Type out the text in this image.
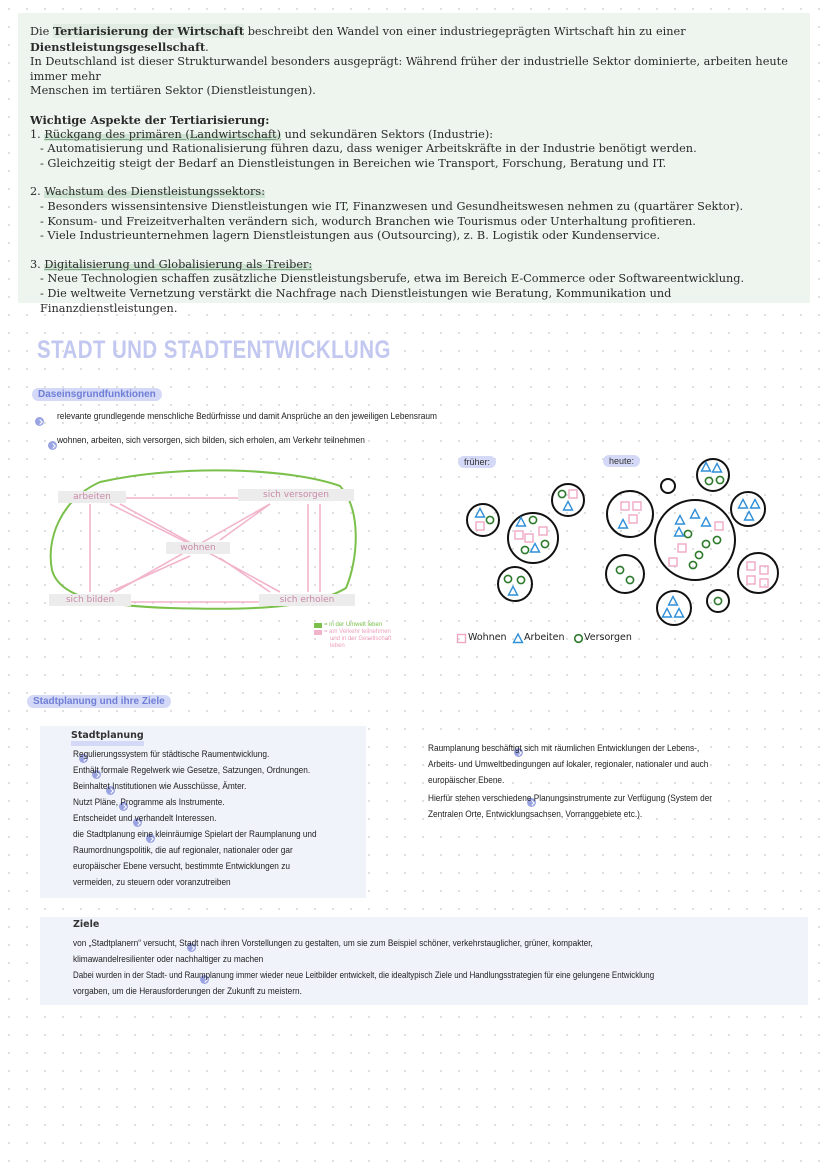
Die Tertiarisierung der Wirtschaft beschreibt den Wandel von einer industriegeprägten Wirtschaft hin zu einer Dienstleistungsgesellschaft.

In Deutschland ist dieser Strukturwandel besonders ausgeprägt: Während früher der industrielle Sektor dominierte, arbeiten heute immer mehr

Menschen im tertiären Sektor (Dienstleistungen).

Wichtige Aspekte der Tertiarisierung:

1. Rückgang des primären (Landwirtschaft) und sekundären Sektors (Industrie):

- Automatisierung und Rationalisierung führen dazu, dass weniger Arbeitskräfte in der Industrie benötigt werden.

- Gleichzeitig steigt der Bedarf an Dienstleistungen in Bereichen wie Transport, Forschung, Beratung und IT.

2. Wachstum des Dienstleistungssektors:

- Besonders wissensintensive Dienstleistungen wie IT, Finanzwesen und Gesundheitswesen nehmen zu (quartärer Sektor).

- Konsum- und Freizeitverhalten verändern sich, wodurch Branchen wie Tourismus oder Unterhaltung profitieren.

- Viele Industrieunternehmen lagern Dienstleistungen aus (Outsourcing), z. B. Logistik oder Kundenservice.

3. Digitalisierung und Globalisierung als Treiber:

- Neue Technologien schaffen zusätzliche Dienstleistungsberufe, etwa im Bereich E-Commerce oder Softwareentwicklung.

- Die weltweite Vernetzung verstärkt die Nachfrage nach Dienstleistungen wie Beratung, Kommunikation und Finanzdienstleistungen.

STADT UND STADTENTWICKLUNG
Daseinsgrundfunktionen

relevante grundlegende menschliche Bedürfnisse und damit Ansprüche an den jeweiligen Lebensraum

wohnen, arbeiten, sich versorgen, sich bilden, sich erholen, am Verkehr teilnehmen
arbeiten	sich versorgen
wohnen
sich bilden	sich erholen
= in der Umwelt leben
= am Verkehr teilnehmen
und in der Gesellschaft
leben
früher:	heute:
Wohnen Arbeiten Versorgen
Stadtplanung und ihre Ziele
Stadtplanung

Regulierungssystem für städtische Raumentwicklung.

Enthält formale Regelwerk wie Gesetze, Satzungen, Ordnungen.

Beinhaltet Institutionen wie Ausschüsse, Ämter.

Nutzt Pläne, Programme als Instrumente.

Entscheidet und verhandelt Interessen.

die Stadtplanung eine kleinräumige Spielart der Raumplanung und
Raumordnungspolitik, die auf regionaler, nationaler oder gar
europäischer Ebene versucht, bestimmte Entwicklungen zu
vermeiden, zu steuern oder voranzutreiben

Raumplanung beschäftigt sich mit räumlichen Entwicklungen der Lebens-,
Arbeits- und Umweltbedingungen auf lokaler, regionaler, nationaler und auch
europäischer Ebene.

Hierfür stehen verschiedene Planungsinstrumente zur Verfügung (System der
Zentralen Orte, Entwicklungsachsen, Vorranggebiete etc.).
Ziele

von „Stadtplanern“ versucht, Stadt nach ihren Vorstellungen zu gestalten, um sie zum Beispiel schöner, verkehrstauglicher, grüner, kompakter,
klimawandelresilienter oder nachhaltiger zu machen
Dabei wurden in der Stadt- und Raumplanung immer wieder neue Leitbilder entwickelt, die idealtypisch Ziele und Handlungsstrategien für eine gelungene Entwicklung
vorgaben, um die Herausforderungen der Zukunft zu meistern.
